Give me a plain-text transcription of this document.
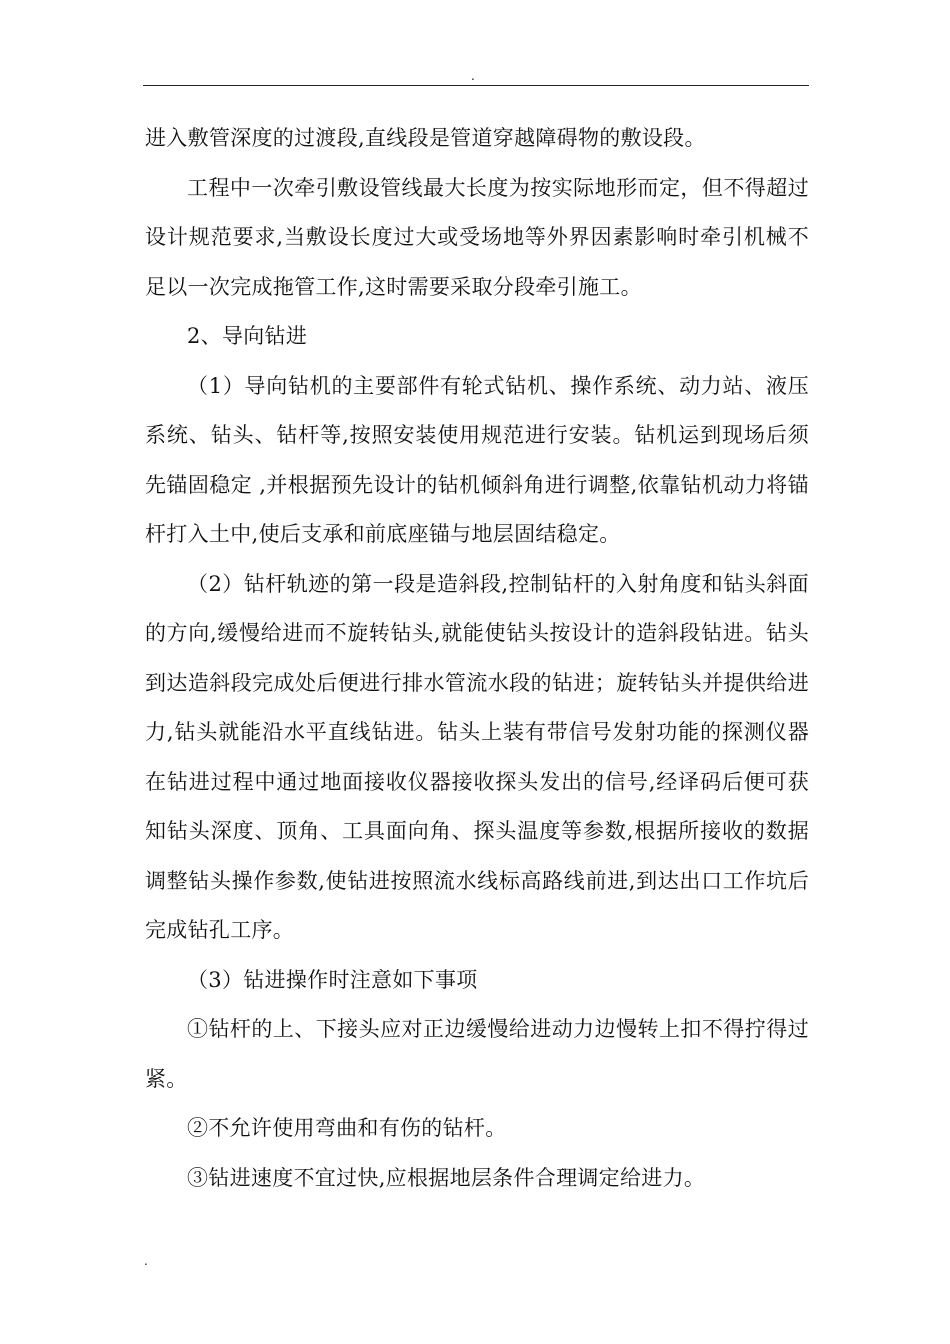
.

进入敷管深度的过渡段,直线段是管道穿越障碍物的敷设段。

工程中一次牵引敷设管线最大长度为按实际地形而定，但不得超过设计规范要求,当敷设长度过大或受场地等外界因素影响时牵引机械不足以一次完成拖管工作,这时需要采取分段牵引施工。

2、导向钻进

（1）导向钻机的主要部件有轮式钻机、操作系统、动力站、液压系统、钻头、钻杆等,按照安装使用规范进行安装。钻机运到现场后须先锚固稳定 ,并根据预先设计的钻机倾斜角进行调整,依靠钻机动力将锚杆打入土中,使后支承和前底座锚与地层固结稳定。

（2）钻杆轨迹的第一段是造斜段,控制钻杆的入射角度和钻头斜面的方向,缓慢给进而不旋转钻头,就能使钻头按设计的造斜段钻进。钻头到达造斜段完成处后便进行排水管流水段的钻进；旋转钻头并提供给进力,钻头就能沿水平直线钻进。钻头上装有带信号发射功能的探测仪器在钻进过程中通过地面接收仪器接收探头发出的信号,经译码后便可获知钻头深度、顶角、工具面向角、探头温度等参数,根据所接收的数据调整钻头操作参数,使钻进按照流水线标高路线前进,到达出口工作坑后完成钻孔工序。

（3）钻进操作时注意如下事项

①钻杆的上、下接头应对正边缓慢给进动力边慢转上扣不得拧得过紧。

②不允许使用弯曲和有伤的钻杆。

③钻进速度不宜过快,应根据地层条件合理调定给进力。

.
